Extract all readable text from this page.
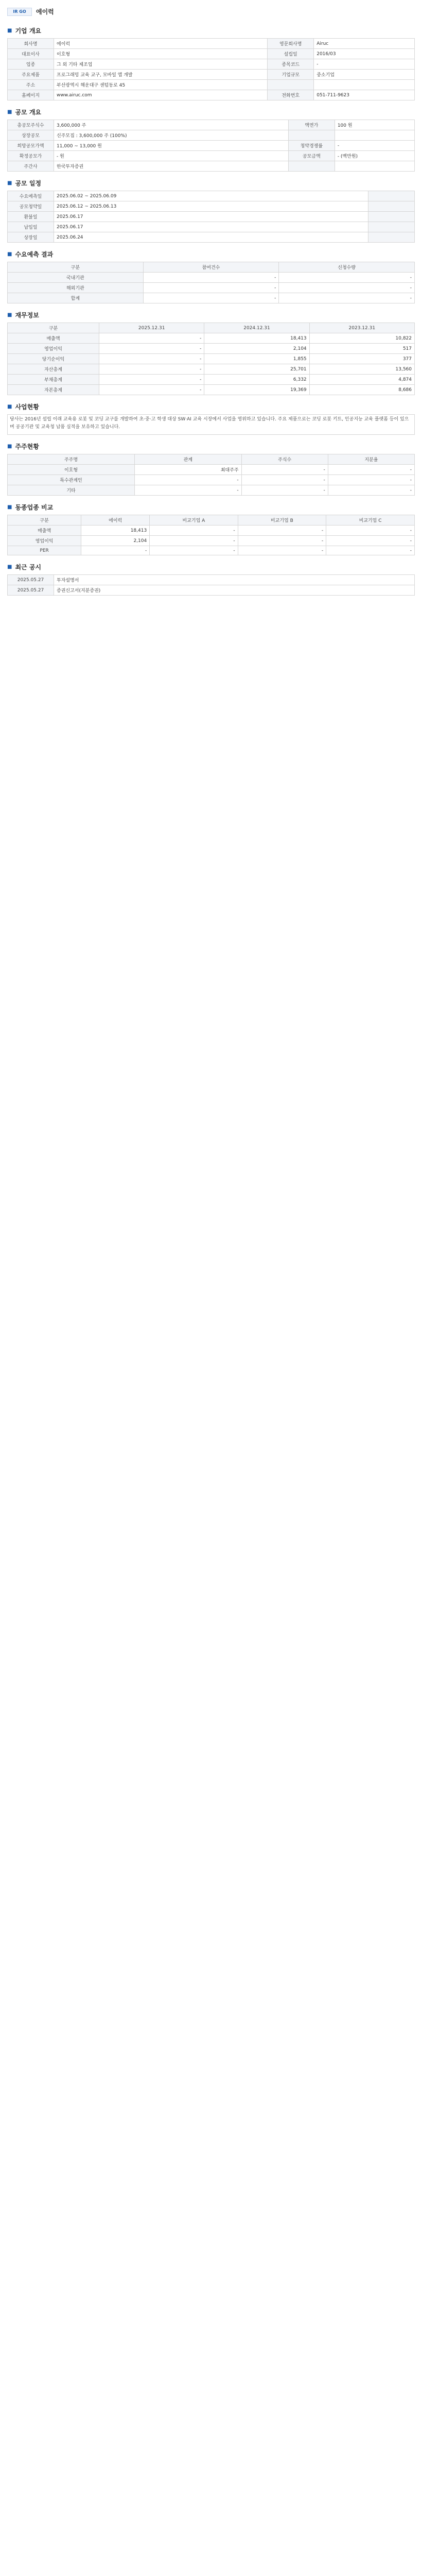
IR GO	에이럭
■ 기업 개요
회사명	에이럭	영문회사명	Airuc
대표이사	이호형	설립일	2016/03
업종	그 외 기타 제조업	종목코드	-
주요제품	프로그래밍 교육 교구, 모바일 앱 개발	기업규모	중소기업
주소	부산광역시 해운대구 센텀동로 45		
홈페이지	www.airuc.com	전화번호	051-711-9623
■ 공모 개요
총공모주식수	3,600,000 주	액면가	100 원
상장공모	신주모집 : 3,600,000 주 (100%)		
희망공모가액	11,000 ~ 13,000 원	청약경쟁률	-
확정공모가	- 원	공모금액	- (백만원)
주간사	한국투자증권		
■ 공모 일정
수요예측일	2025.06.02 ~ 2025.06.09	
공모청약일	2025.06.12 ~ 2025.06.13	
환불일	2025.06.17	
납입일	2025.06.17	
상장일	2025.06.24	
■ 수요예측 결과
구분	참여건수	신청수량
국내기관	-	-
해외기관	-	-
합계	-	-
■ 재무정보
구분	2025.12.31	2024.12.31	2023.12.31
매출액	-	18,413	10,822
영업이익	-	2,104	517
당기순이익	-	1,855	377
자산총계	-	25,701	13,560
부채총계	-	6,332	4,874
자본총계	-	19,369	8,686
■ 사업현황
당사는 2016년 설립 이래 교육용 로봇 및 코딩 교구를 개발하여 초·중·고 학생 대상 SW·AI 교육 시장에서 사업을 영위하고 있습니다. 주요 제품으로는 코딩 로봇 키트, 인공지능 교육 플랫폼 등이 있으며 공공기관 및 교육청 납품 실적을 보유하고 있습니다.
■ 주주현황
주주명	관계	주식수	지분율
이호형	최대주주	-	-
특수관계인	-	-	-
기타	-	-	-
■ 동종업종 비교
구분	에이럭	비교기업 A	비교기업 B	비교기업 C
매출액	18,413	-	-	-
영업이익	2,104	-	-	-
PER	-	-	-	-
■ 최근 공시
2025.05.27	투자설명서
2025.05.27	증권신고서(지분증권)
